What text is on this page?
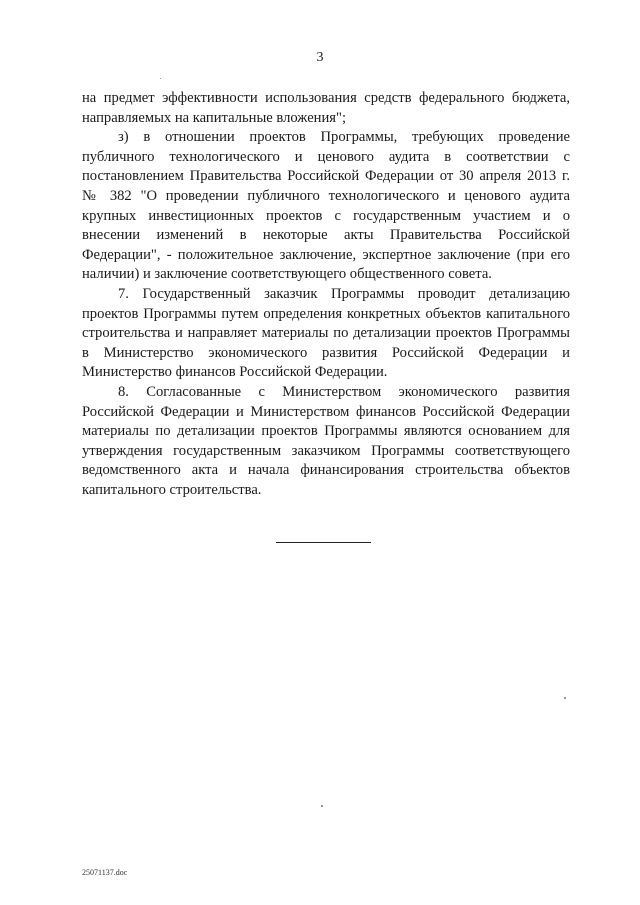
3

на предмет эффективности использования средств федерального бюджета, направляемых на капитальные вложения";

з) в отношении проектов Программы, требующих проведение публичного технологического и ценового аудита в соответствии с постановлением Правительства Российской Федерации от 30 апреля 2013 г. № 382 "О проведении публичного технологического и ценового аудита крупных инвестиционных проектов с государственным участием и о внесении изменений в некоторые акты Правительства Российской Федерации", - положительное заключение, экспертное заключение (при его наличии) и заключение соответствующего общественного совета.

7. Государственный заказчик Программы проводит детализацию проектов Программы путем определения конкретных объектов капитального строительства и направляет материалы по детализации проектов Программы в Министерство экономического развития Российской Федерации и Министерство финансов Российской Федерации.

8. Согласованные с Министерством экономического развития Российской Федерации и Министерством финансов Российской Федерации материалы по детализации проектов Программы являются основанием для утверждения государственным заказчиком Программы соответствующего ведомственного акта и начала финансирования строительства объектов капитального строительства.

25071137.doc
